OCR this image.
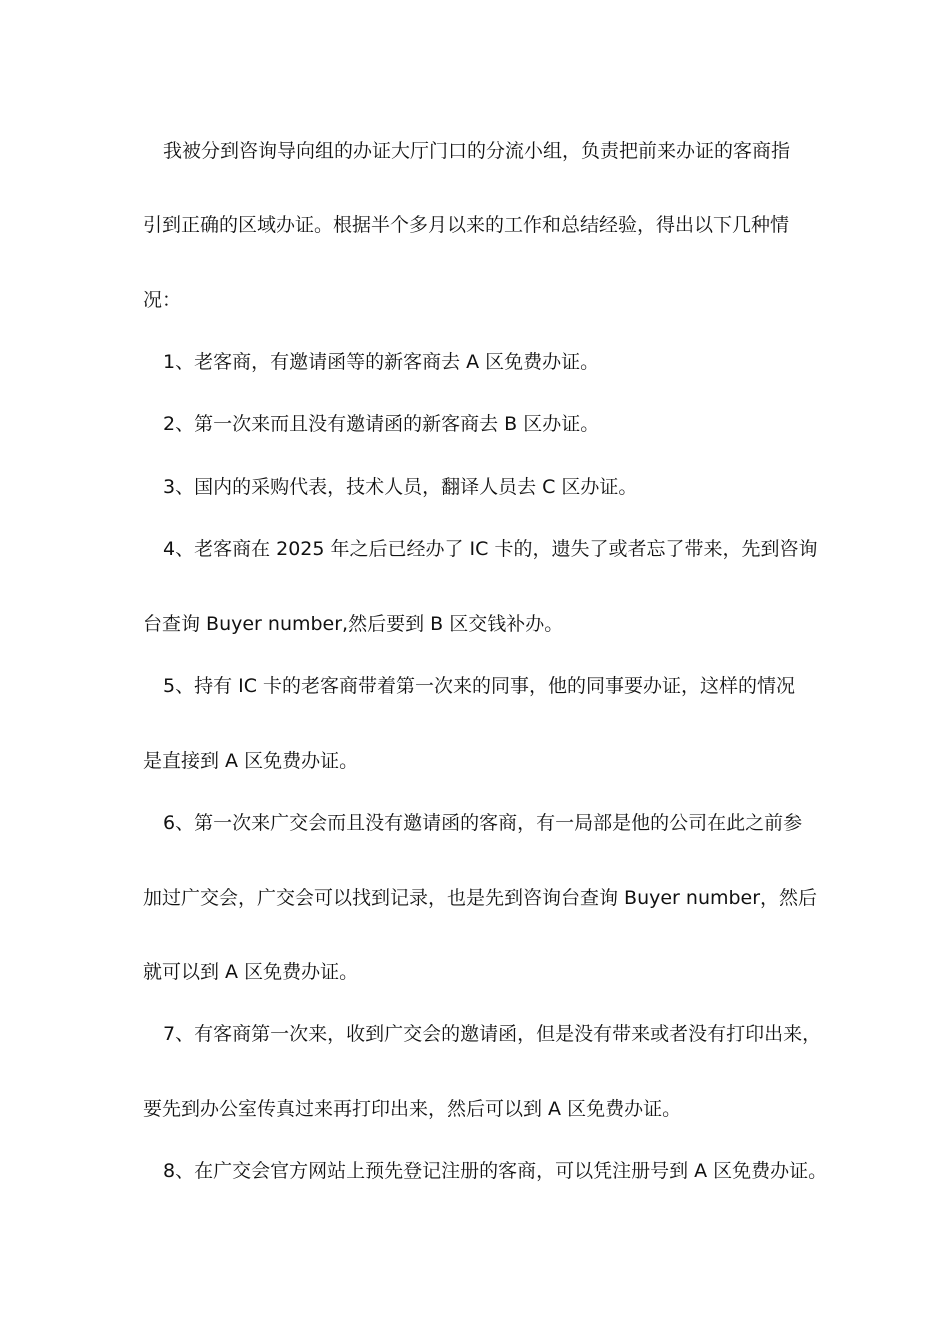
我被分到咨询导向组的办证大厅门口的分流小组，负责把前来办证的客商指
引到正确的区域办证。根据半个多月以来的工作和总结经验，得出以下几种情
况：
1、老客商，有邀请函等的新客商去 A 区免费办证。
2、第一次来而且没有邀请函的新客商去 B 区办证。
3、国内的采购代表，技术人员，翻译人员去 C 区办证。
4、老客商在 2025 年之后已经办了 IC 卡的，遗失了或者忘了带来，先到咨询
台查询 Buyer number,然后要到 B 区交钱补办。
5、持有 IC 卡的老客商带着第一次来的同事，他的同事要办证，这样的情况
是直接到 A 区免费办证。
6、第一次来广交会而且没有邀请函的客商，有一局部是他的公司在此之前参
加过广交会，广交会可以找到记录，也是先到咨询台查询 Buyer number，然后
就可以到 A 区免费办证。
7、有客商第一次来，收到广交会的邀请函，但是没有带来或者没有打印出来，
要先到办公室传真过来再打印出来，然后可以到 A 区免费办证。
8、在广交会官方网站上预先登记注册的客商，可以凭注册号到 A 区免费办证。
